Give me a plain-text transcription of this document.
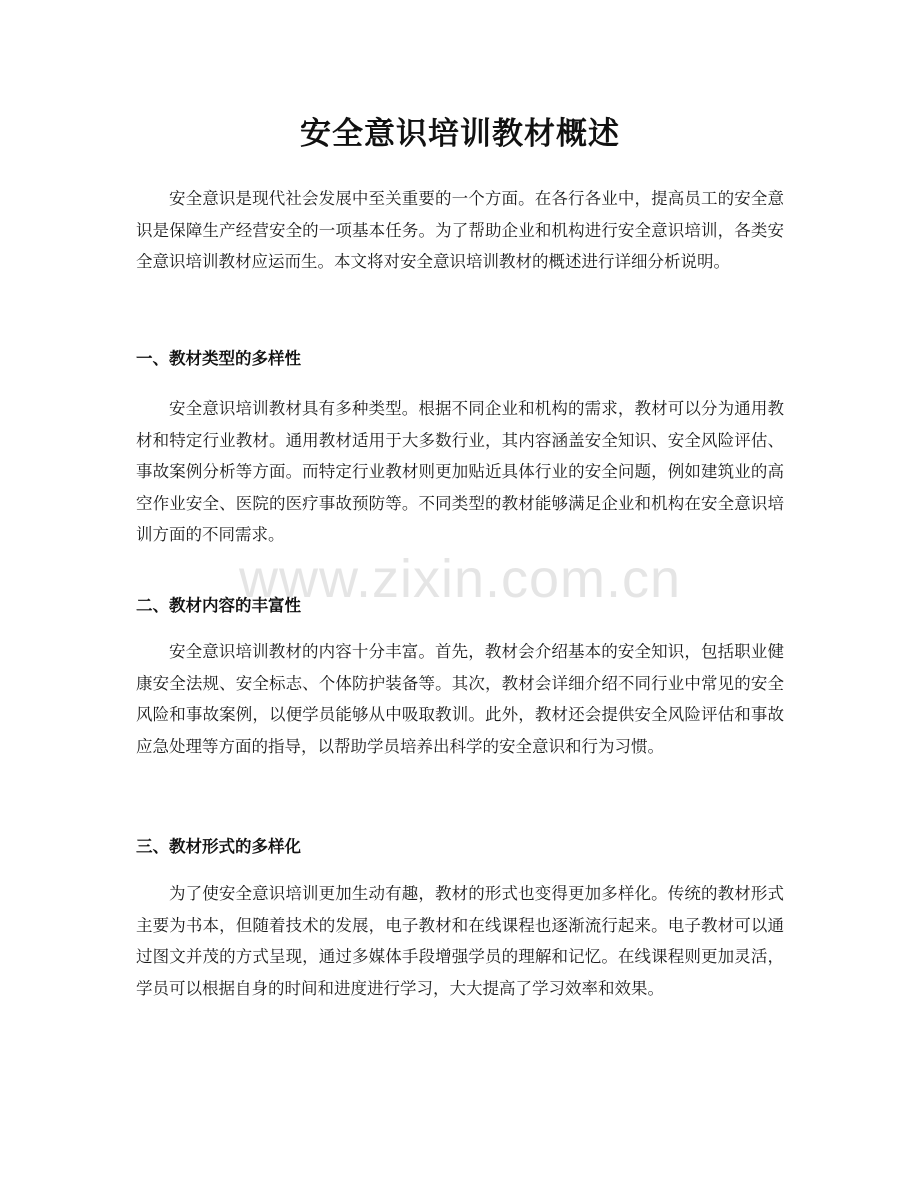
安全意识培训教材概述

安全意识是现代社会发展中至关重要的一个方面。在各行各业中，提高员工的安全意识是保障生产经营安全的一项基本任务。为了帮助企业和机构进行安全意识培训，各类安全意识培训教材应运而生。本文将对安全意识培训教材的概述进行详细分析说明。

一、教材类型的多样性

安全意识培训教材具有多种类型。根据不同企业和机构的需求，教材可以分为通用教材和特定行业教材。通用教材适用于大多数行业，其内容涵盖安全知识、安全风险评估、事故案例分析等方面。而特定行业教材则更加贴近具体行业的安全问题，例如建筑业的高空作业安全、医院的医疗事故预防等。不同类型的教材能够满足企业和机构在安全意识培训方面的不同需求。

二、教材内容的丰富性

安全意识培训教材的内容十分丰富。首先，教材会介绍基本的安全知识，包括职业健康安全法规、安全标志、个体防护装备等。其次，教材会详细介绍不同行业中常见的安全风险和事故案例，以便学员能够从中吸取教训。此外，教材还会提供安全风险评估和事故应急处理等方面的指导，以帮助学员培养出科学的安全意识和行为习惯。

三、教材形式的多样化

为了使安全意识培训更加生动有趣，教材的形式也变得更加多样化。传统的教材形式主要为书本，但随着技术的发展，电子教材和在线课程也逐渐流行起来。电子教材可以通过图文并茂的方式呈现，通过多媒体手段增强学员的理解和记忆。在线课程则更加灵活，学员可以根据自身的时间和进度进行学习，大大提高了学习效率和效果。

www.zixin.com.cn
